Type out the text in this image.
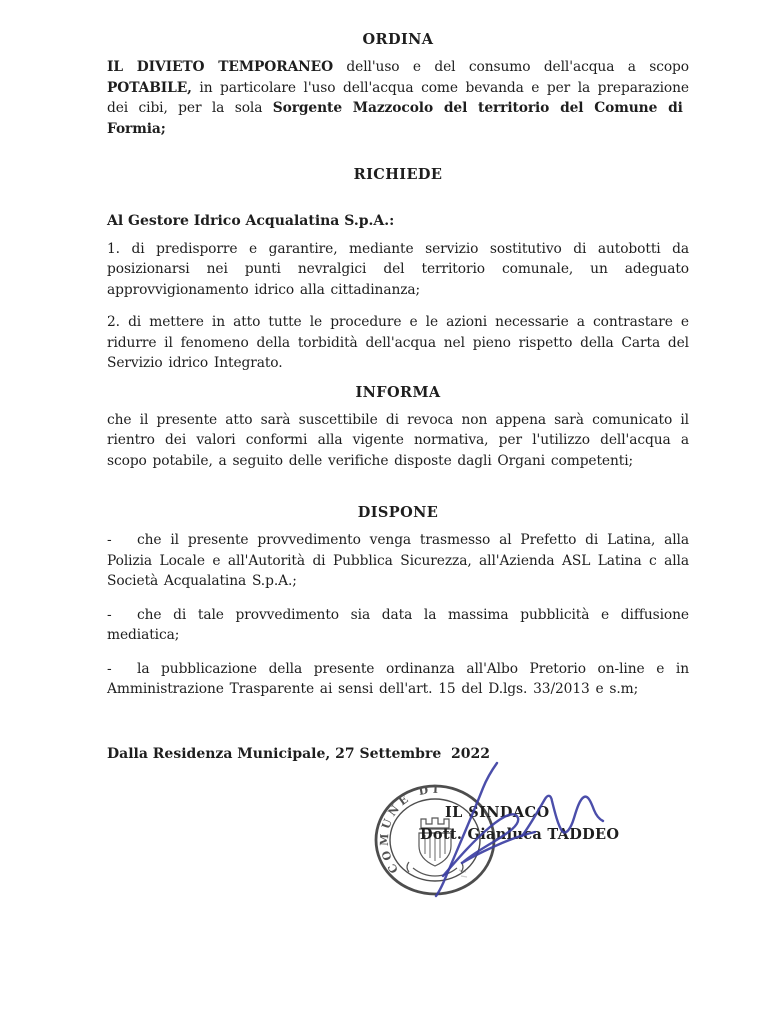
ORDINA

IL DIVIETO TEMPORANEO dell'uso e del consumo dell'acqua a scopo POTABILE, in particolare l'uso dell'acqua come bevanda e per la preparazione dei cibi, per la sola Sorgente Mazzocolo del territorio del Comune di  Formia;

RICHIEDE

Al Gestore Idrico Acqualatina S.p.A.:

1. di predisporre e garantire, mediante servizio sostitutivo di autobotti da posizionarsi nei punti nevralgici del territorio comunale, un adeguato approvvigionamento idrico alla cittadinanza;

2. di mettere in atto tutte le procedure e le azioni necessarie a contrastare e ridurre il fenomeno della torbidità dell'acqua nel pieno rispetto della Carta del Servizio idrico Integrato.

INFORMA

che il presente atto sarà suscettibile di revoca non appena sarà comunicato il rientro dei valori conformi alla vigente normativa, per l'utilizzo dell'acqua a scopo potabile, a seguito delle verifiche disposte dagli Organi competenti;

DISPONE

- che il presente provvedimento venga trasmesso al Prefetto di Latina, alla Polizia Locale e all'Autorità di Pubblica Sicurezza, all'Azienda ASL Latina c alla Società Acqualatina S.p.A.;

- che di tale provvedimento sia data la massima pubblicità e diffusione mediatica;

- la pubblicazione della presente ordinanza all'Albo Pretorio on-line e in Amministrazione Trasparente ai sensi dell'art. 15 del D.lgs. 33/2013 e s.m;

Dalla Residenza Municipale, 27 Settembre  2022

COMUNE DI
IL SINDACO
Dott. Gianluca TADDEO
